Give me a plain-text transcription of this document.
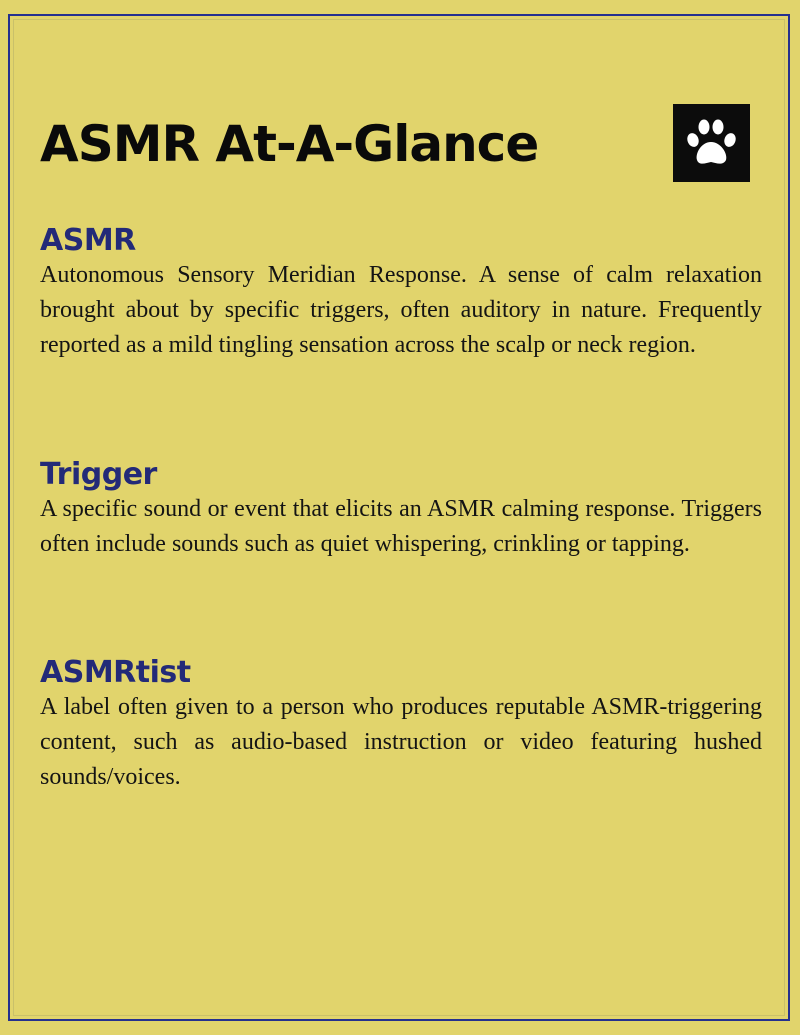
ASMR At-A-Glance
ASMR

Autonomous Sensory Meridian Response. A sense of calm relaxation brought about by specific triggers, often auditory in nature. Frequently reported as a mild tingling sensation across the scalp or neck region.

Trigger

A specific sound or event that elicits an ASMR calming response. Triggers often include sounds such as quiet whispering, crinkling or tapping.

ASMRtist

A label often given to a person who produces reputable ASMR-triggering content, such as audio-based instruction or video featuring hushed sounds/voices.
